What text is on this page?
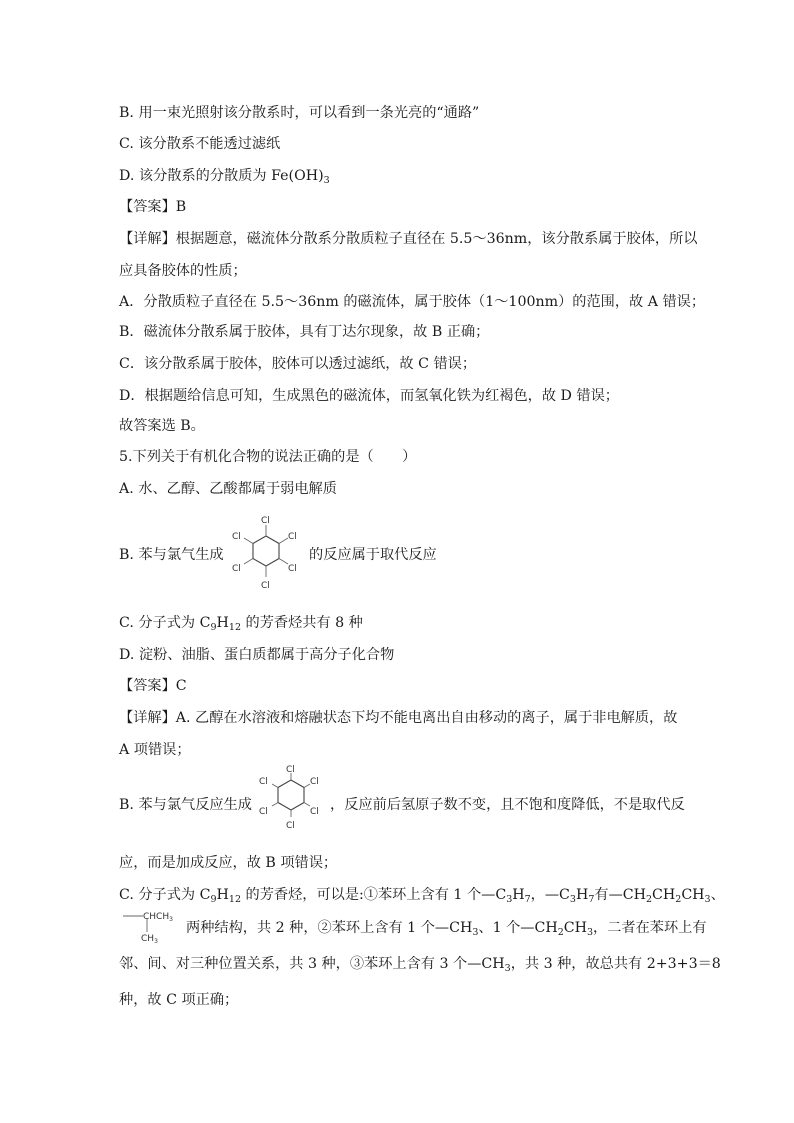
B. 用一束光照射该分散系时，可以看到一条光亮的“通路”
C. 该分散系不能透过滤纸
D. 该分散系的分散质为 $Fe(OH)_3$
【答案】B
【详解】根据题意，磁流体分散系分散质粒子直径在 5.5～36nm，该分散系属于胶体，所以
应具备胶体的性质；
A．分散质粒子直径在 5.5～36nm 的磁流体，属于胶体（1～100nm）的范围，故 A 错误；
B．磁流体分散系属于胶体，具有丁达尔现象，故 B 正确；
C．该分散系属于胶体，胶体可以透过滤纸，故 C 错误；
D．根据题给信息可知，生成黑色的磁流体，而氢氧化铁为红褐色，故 D 错误；
故答案选 B。
5.下列关于有机化合物的说法正确的是（　　）
A. 水、乙醇、乙酸都属于弱电解质
B. 苯与氯气生成
Cl
Cl
Cl
Cl
Cl
Cl
的反应属于取代反应
C. 分子式为 $C_9H_{12}$ 的芳香烃共有 8 种
D. 淀粉、油脂、蛋白质都属于高分子化合物
【答案】C
【详解】A. 乙醇在水溶液和熔融状态下均不能电离出自由移动的离子，属于非电解质，故
A 项错误；
B. 苯与氯气反应生成
Cl
Cl
Cl
Cl
Cl
Cl
，反应前后氢原子数不变，且不饱和度降低，不是取代反
应，而是加成反应，故 B 项错误；
C. 分子式为 $C_9H_{12}$ 的芳香烃，可以是:①苯环上含有 1 个$—C_3H_7$，$—C_3H_7$有$—CH_2CH_2CH_3$、
$CHCH_3$
$CH_3$
两种结构，共 2 种，②苯环上含有 1 个$—CH_3$、1 个$—CH_2CH_3$，二者在苯环上有
邻、间、对三种位置关系，共 3 种，③苯环上含有 3 个$—CH_3$，共 3 种，故总共有 2+3+3＝8
种，故 C 项正确；
